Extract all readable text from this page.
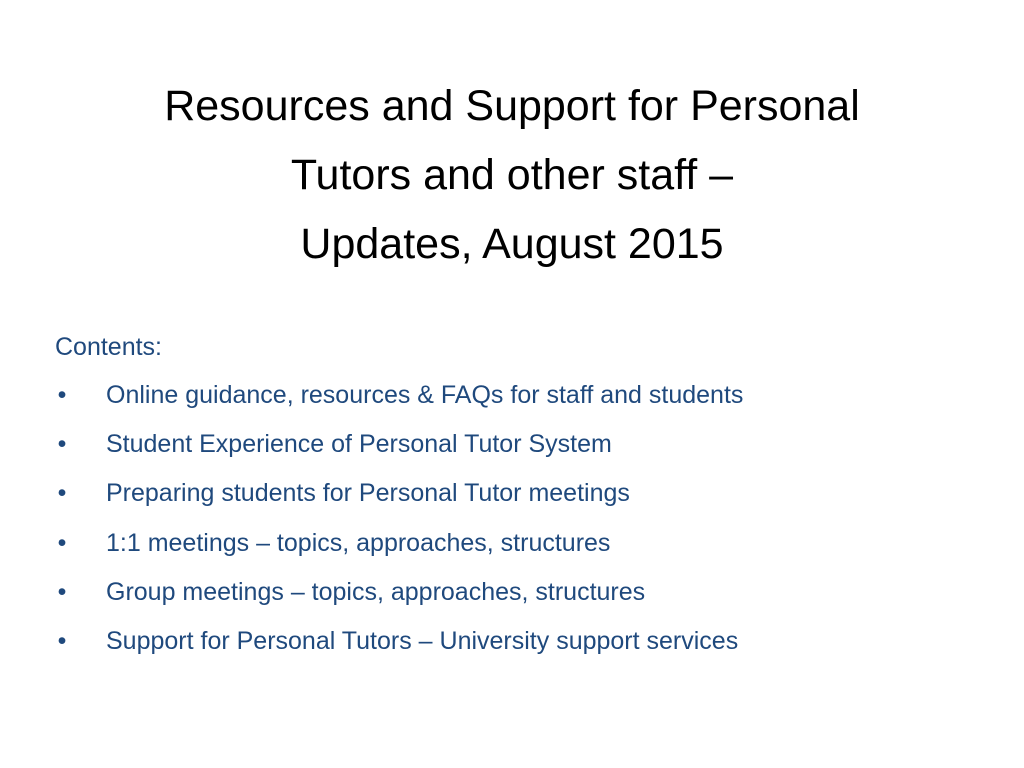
Resources and Support for Personal
Tutors and other staff –
Updates, August 2015
Contents:
• Online guidance, resources & FAQs for staff and students
• Student Experience of Personal Tutor System
• Preparing students for Personal Tutor meetings
• 1:1 meetings – topics, approaches, structures
• Group meetings – topics, approaches, structures
• Support for Personal Tutors – University support services
